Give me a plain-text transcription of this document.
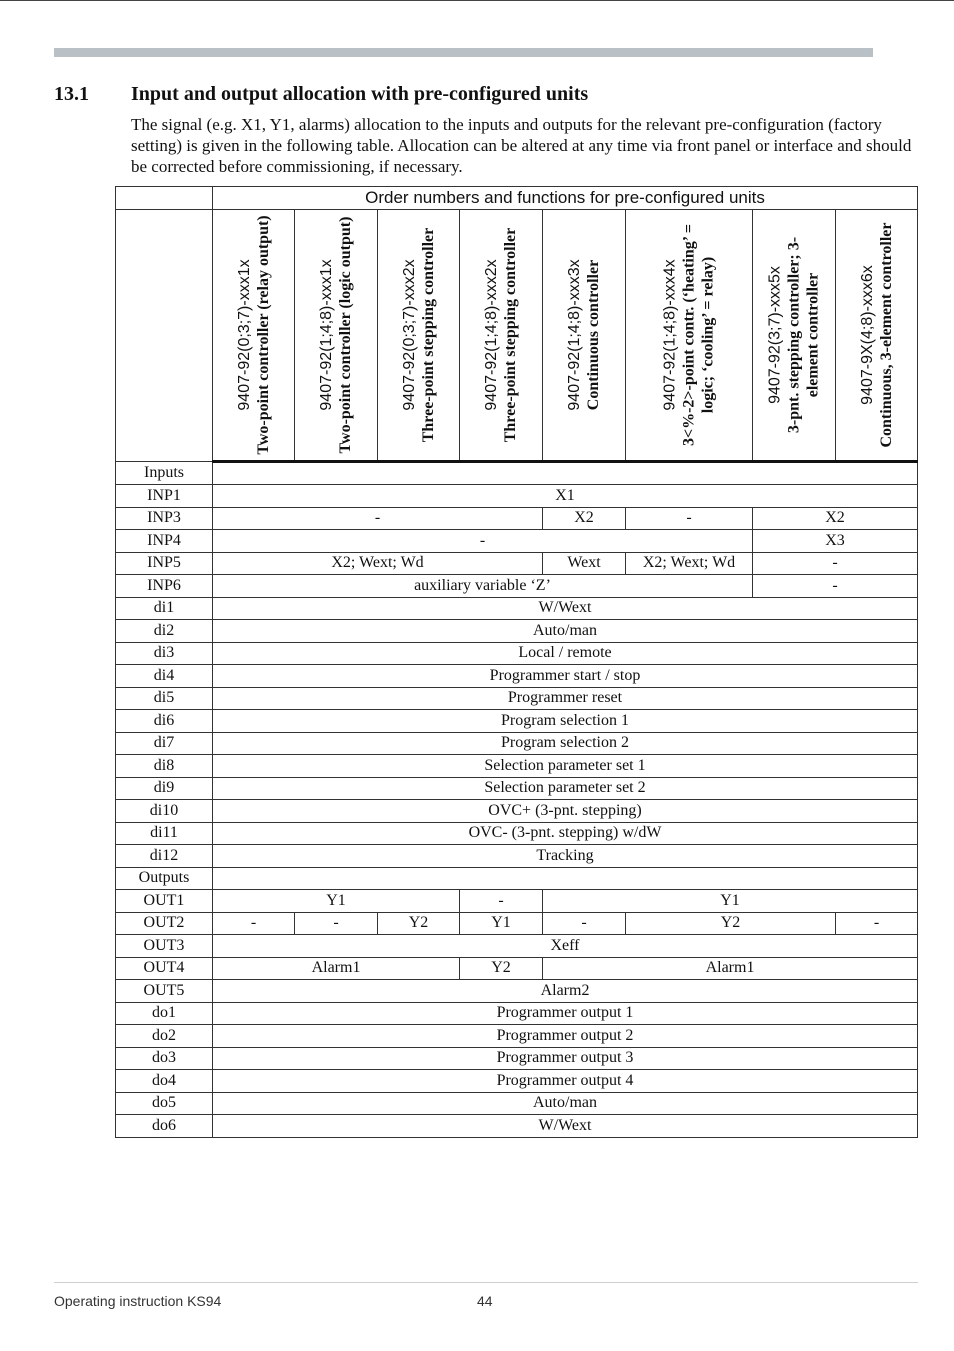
13.1 Input and output allocation with pre-configured units

The signal (e.g. X1, Y1, alarms) allocation to the inputs and outputs for the relevant pre-configuration (factory setting) is given in the following table. Allocation can be altered at any time via front panel or interface and should be corrected before commissioning, if necessary.

	Order numbers and functions for pre-configured units							

	9407-92(0;3;7)-xxx1x Two-point controller (relay output)	9407-92(1;4;8)-xxx1x Two-point controller (logic output)	9407-92(0;3;7)-xxx2x Three-point stepping controller	9407-92(1;4;8)-xxx2x Three-point stepping controller	9407-92(1;4;8)-xxx3x Continuous controller	9407-92(1;4;8)-xxx4x 3<%-2>-point contr. (‘heating’ = logic; ‘cooling’ = relay)	9407-92(3;7)-xxx5x 3-pnt. stepping controller; 3-element controller	9407-9X(4;8)-xxx6x Continuous, 3-element controller

Inputs								
INP1	X1							
INP3	-				X2	-	X2	
INP4	-						X3	
INP5	X2; Wext; Wd				Wext	X2; Wext; Wd	-	
INP6	auxiliary variable ‘Z’						-	
di1	W/Wext							
di2	Auto/man							
di3	Local / remote							
di4	Programmer start / stop							
di5	Programmer reset							
di6	Program selection 1							
di7	Program selection 2							
di8	Selection parameter set 1							
di9	Selection parameter set 2							
di10	OVC+ (3-pnt. stepping)							
di11	OVC- (3-pnt. stepping) w/dW							
di12	Tracking							
Outputs								
OUT1	Y1			-	Y1			
OUT2	-	-	Y2	Y1	-	Y2		-
OUT3	Xeff							
OUT4	Alarm1			Y2	Alarm1			
OUT5	Alarm2							
do1	Programmer output 1							
do2	Programmer output 2							
do3	Programmer output 3							
do4	Programmer output 4							
do5	Auto/man							
do6	W/Wext							
Operating instruction KS94	44
